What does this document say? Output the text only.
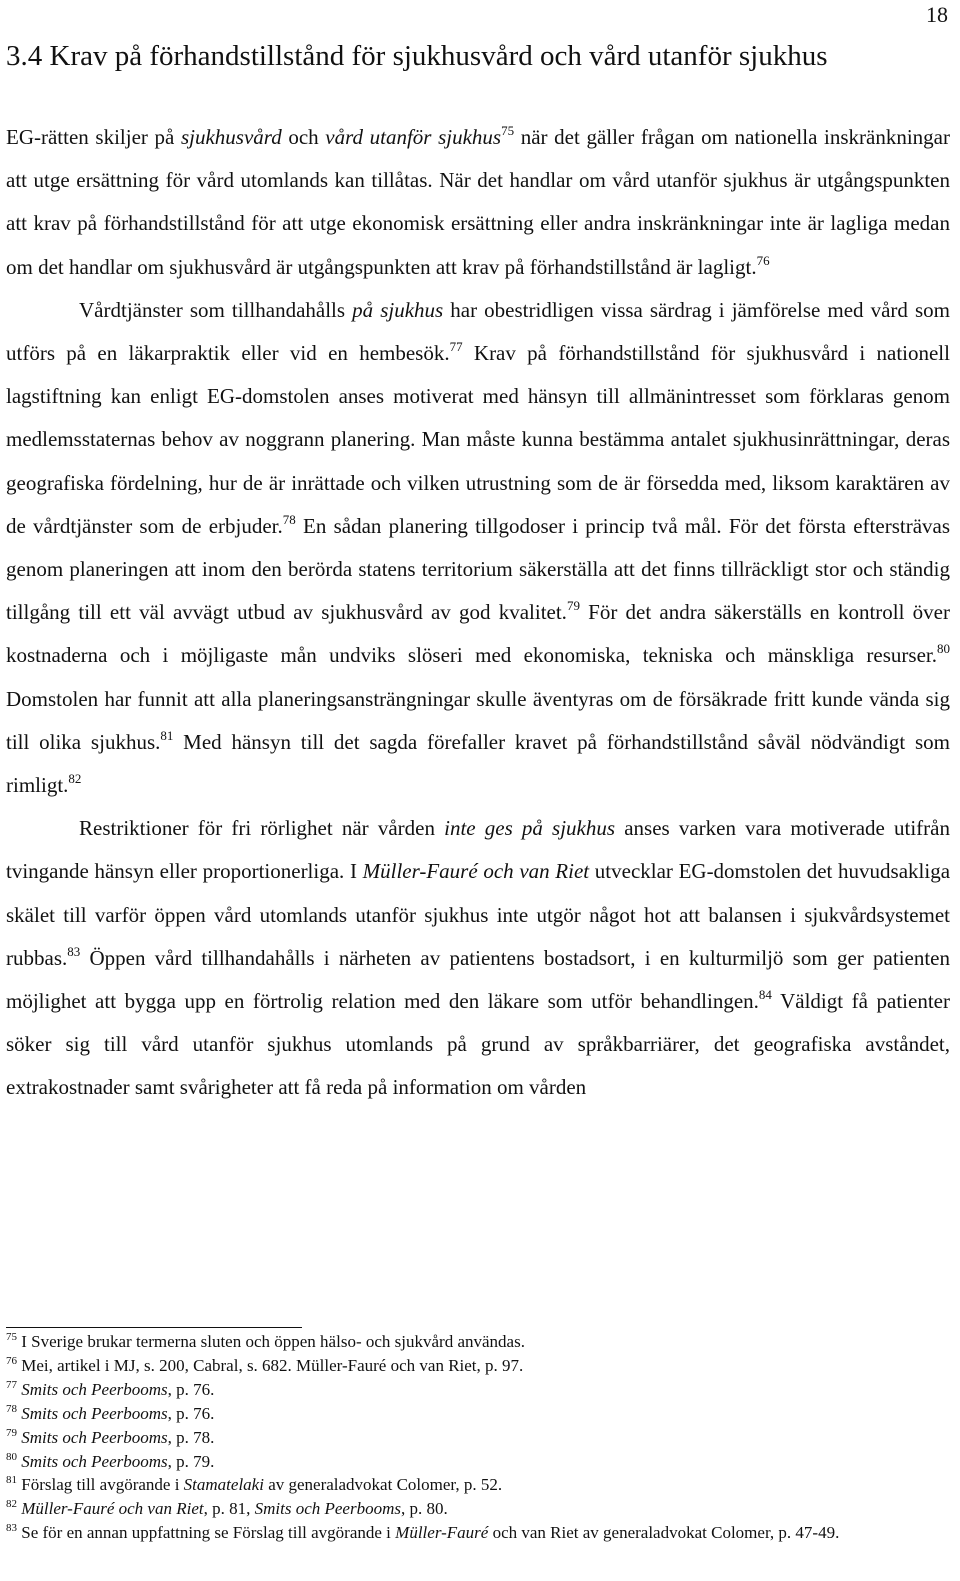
18
3.4 Krav på förhandstillstånd för sjukhusvård och vård utanför sjukhus

EG-rätten skiljer på sjukhusvård och vård utanför sjukhus$^{75}$ när det gäller frågan om nationella inskränkningar att utge ersättning för vård utomlands kan tillåtas. När det handlar om vård utanför sjukhus är utgångspunkten att krav på förhandstillstånd för att utge ekonomisk ersättning eller andra inskränkningar inte är lagliga medan om det handlar om sjukhusvård är utgångspunkten att krav på förhandstillstånd är lagligt.$^{76}$

Vårdtjänster som tillhandahålls på sjukhus har obestridligen vissa särdrag i jämförelse med vård som utförs på en läkarpraktik eller vid en hembesök.$^{77}$ Krav på förhandstillstånd för sjukhusvård i nationell lagstiftning kan enligt EG-domstolen anses motiverat med hänsyn till allmänintresset som förklaras genom medlemsstaternas behov av noggrann planering. Man måste kunna bestämma antalet sjukhusinrättningar, deras geografiska fördelning, hur de är inrättade och vilken utrustning som de är försedda med, liksom karaktären av de vårdtjänster som de erbjuder.$^{78}$ En sådan planering tillgodoser i princip två mål. För det första eftersträvas genom planeringen att inom den berörda statens territorium säkerställa att det finns tillräckligt stor och ständig tillgång till ett väl avvägt utbud av sjukhusvård av god kvalitet.$^{79}$ För det andra säkerställs en kontroll över kostnaderna och i möjligaste mån undviks slöseri med ekonomiska, tekniska och mänskliga resurser.$^{80}$ Domstolen har funnit att alla planeringsansträngningar skulle äventyras om de försäkrade fritt kunde vända sig till olika sjukhus.$^{81}$ Med hänsyn till det sagda förefaller kravet på förhandstillstånd såväl nödvändigt som rimligt.$^{82}$

Restriktioner för fri rörlighet när vården inte ges på sjukhus anses varken vara motiverade utifrån tvingande hänsyn eller proportionerliga. I Müller-Fauré och van Riet utvecklar EG-domstolen det huvudsakliga skälet till varför öppen vård utomlands utanför sjukhus inte utgör något hot att balansen i sjukvårdsystemet rubbas.$^{83}$ Öppen vård tillhandahålls i närheten av patientens bostadsort, i en kulturmiljö som ger patienten möjlighet att bygga upp en förtrolig relation med den läkare som utför behandlingen.$^{84}$ Väldigt få patienter söker sig till vård utanför sjukhus utomlands på grund av språkbarriärer, det geografiska avståndet, extrakostnader samt svårigheter att få reda på information om vården

$^{75}$ I Sverige brukar termerna sluten och öppen hälso- och sjukvård användas.

$^{76}$ Mei, artikel i MJ, s. 200, Cabral, s. 682. Müller-Fauré och van Riet, p. 97.

$^{77}$ Smits och Peerbooms, p. 76.

$^{78}$ Smits och Peerbooms, p. 76.

$^{79}$ Smits och Peerbooms, p. 78.

$^{80}$ Smits och Peerbooms, p. 79.

$^{81}$ Förslag till avgörande i Stamatelaki av generaladvokat Colomer, p. 52.

$^{82}$ Müller-Fauré och van Riet, p. 81, Smits och Peerbooms, p. 80.

$^{83}$ Se för en annan uppfattning se Förslag till avgörande i Müller-Fauré och van Riet av generaladvokat Colomer, p. 47-49.
